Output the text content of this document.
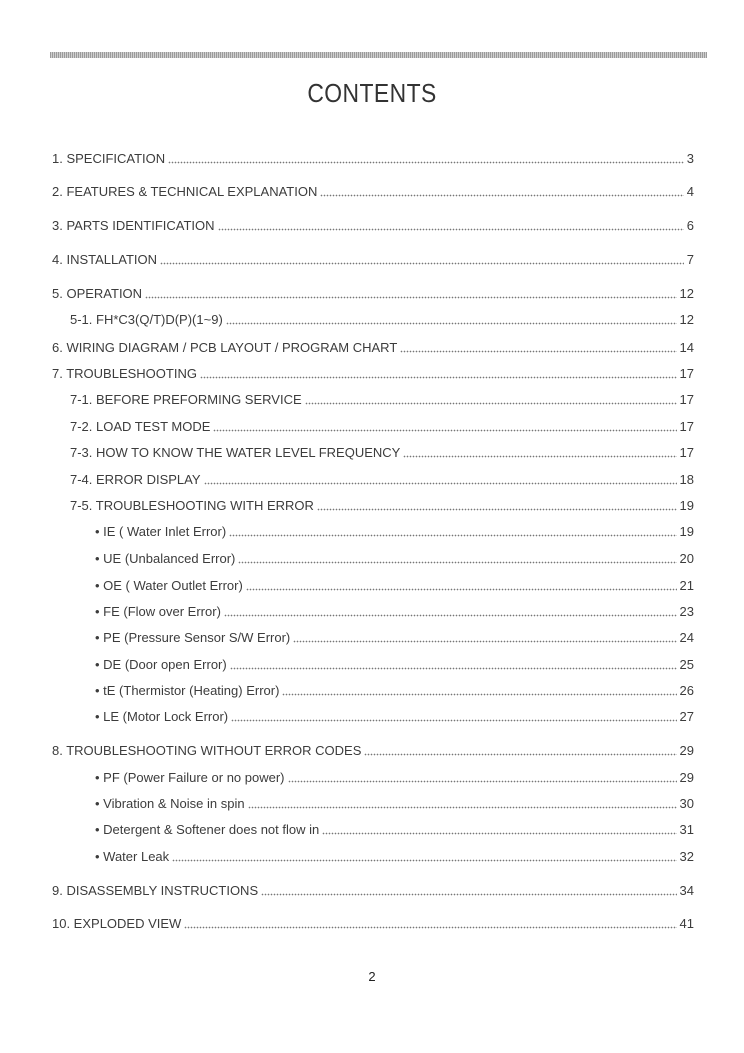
CONTENTS
1. SPECIFICATION	3
2. FEATURES & TECHNICAL EXPLANATION	4
3. PARTS IDENTIFICATION	6
4. INSTALLATION	7
5. OPERATION	12
5-1. FH*C3(Q/T)D(P)(1~9)	12
6. WIRING DIAGRAM / PCB LAYOUT / PROGRAM CHART	14
7. TROUBLESHOOTING	17
7-1. BEFORE PREFORMING SERVICE	17
7-2. LOAD TEST MODE	17
7-3. HOW TO KNOW THE WATER LEVEL FREQUENCY	17
7-4. ERROR DISPLAY	18
7-5. TROUBLESHOOTING WITH ERROR	19
• IE ( Water Inlet Error)	19
• UE (Unbalanced Error)	20
• OE ( Water Outlet Error)	21
• FE (Flow over Error)	23
• PE (Pressure Sensor S/W Error)	24
• DE (Door open Error)	25
• tE (Thermistor (Heating) Error)	26
• LE (Motor Lock Error)	27
8. TROUBLESHOOTING WITHOUT ERROR CODES	29
• PF (Power Failure or no power)	29
• Vibration & Noise in spin	30
• Detergent & Softener does not flow in	31
• Water Leak	32
9. DISASSEMBLY INSTRUCTIONS	34
10. EXPLODED VIEW	41
2
